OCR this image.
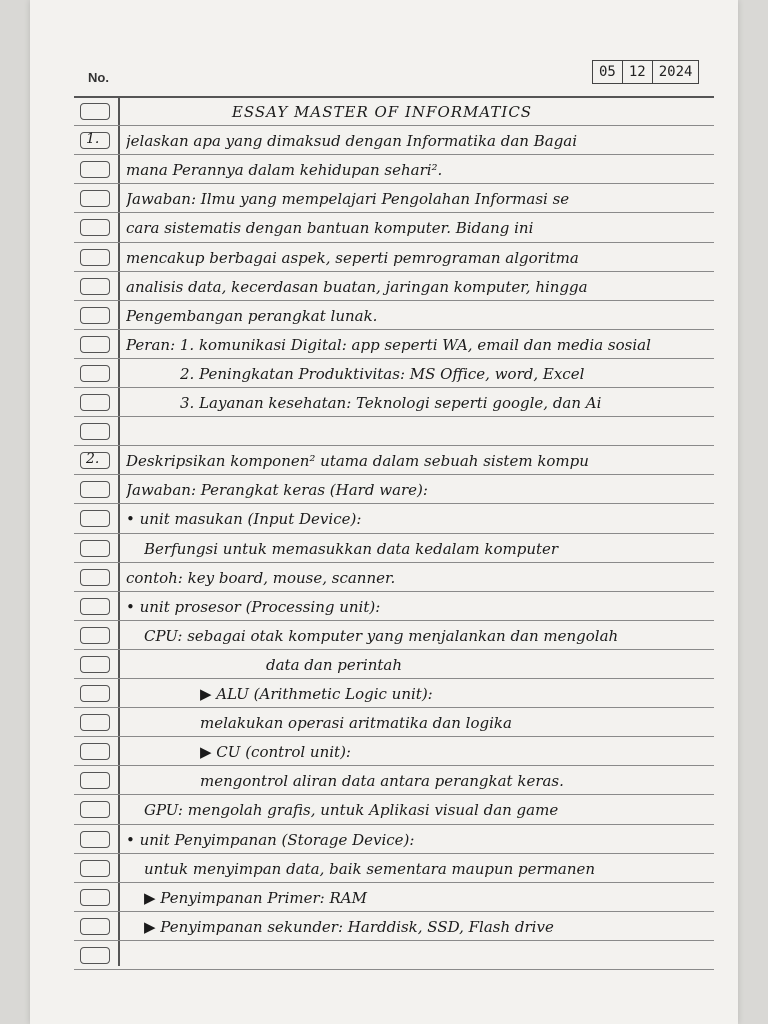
No.	05 12 2024
1.
2.
ESSAY MASTER OF INFORMATICS
jelaskan apa yang dimaksud dengan Informatika dan Bagai
mana Perannya dalam kehidupan sehari².
Jawaban: Ilmu yang mempelajari Pengolahan Informasi se
cara sistematis dengan bantuan komputer. Bidang ini
mencakup berbagai aspek, seperti pemrograman algoritma
analisis data, kecerdasan buatan, jaringan komputer, hingga
Pengembangan perangkat lunak.
Peran: 1. komunikasi Digital: app seperti WA, email dan media sosial
2. Peningkatan Produktivitas: MS Office, word, Excel
3. Layanan kesehatan: Teknologi seperti google, dan Ai
Deskripsikan komponen² utama dalam sebuah sistem kompu
Jawaban: Perangkat keras (Hard ware):
• unit masukan (Input Device):
Berfungsi untuk memasukkan data kedalam komputer
contoh: key board, mouse, scanner.
• unit prosesor (Processing unit):
CPU: sebagai otak komputer yang menjalankan dan mengolah
data dan perintah
▶ ALU (Arithmetic Logic unit):
melakukan operasi aritmatika dan logika
▶ CU (control unit):
mengontrol aliran data antara perangkat keras.
GPU: mengolah grafis, untuk Aplikasi visual dan game
• unit Penyimpanan (Storage Device):
untuk menyimpan data, baik sementara maupun permanen
▶ Penyimpanan Primer: RAM
▶ Penyimpanan sekunder: Harddisk, SSD, Flash drive
